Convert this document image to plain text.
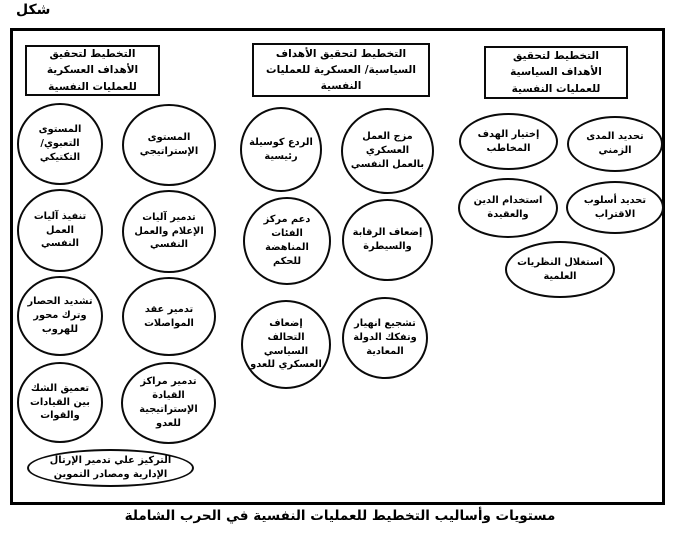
شكل
التخطيط لتحقيق الأهداف العسكرية للعمليات النفسية
التخطيط لتحقيق الأهداف السياسية/ العسكرية للعمليات النفسية
التخطيط لتحقيق الأهداف السياسية للعمليات النفسية
المستوى التعبوي/ التكتيكي
المستوى الإستراتيجي
تنفيذ آليات العمل النفسي
تدمير آليات الإعلام والعمل النفسي
تشديد الحصار وترك محور للهروب
تدمير عقد المواصلات
تعميق الشك بين القيادات والقوات
تدمير مراكز القيادة الإستراتيجية للعدو
التركيز علي تدمير الإرتال الإدارية ومصادر التموين
الردع كوسيلة رئيسية
مزج العمل العسكري بالعمل النفسي
دعم مركز الفئات المناهضة للحكم
إضعاف الرقابة والسيطرة
إضعاف التحالف السياسي العسكري للعدو
تشجيع انهيار وتفكك الدولة المعادية
إختيار الهدف المخاطب
تحديد المدى الزمني
استخدام الدين والعقيدة
تحديد أسلوب الاقتراب
استغلال النظريات العلمية
مستويات وأساليب التخطيط للعمليات النفسية في الحرب الشاملة
